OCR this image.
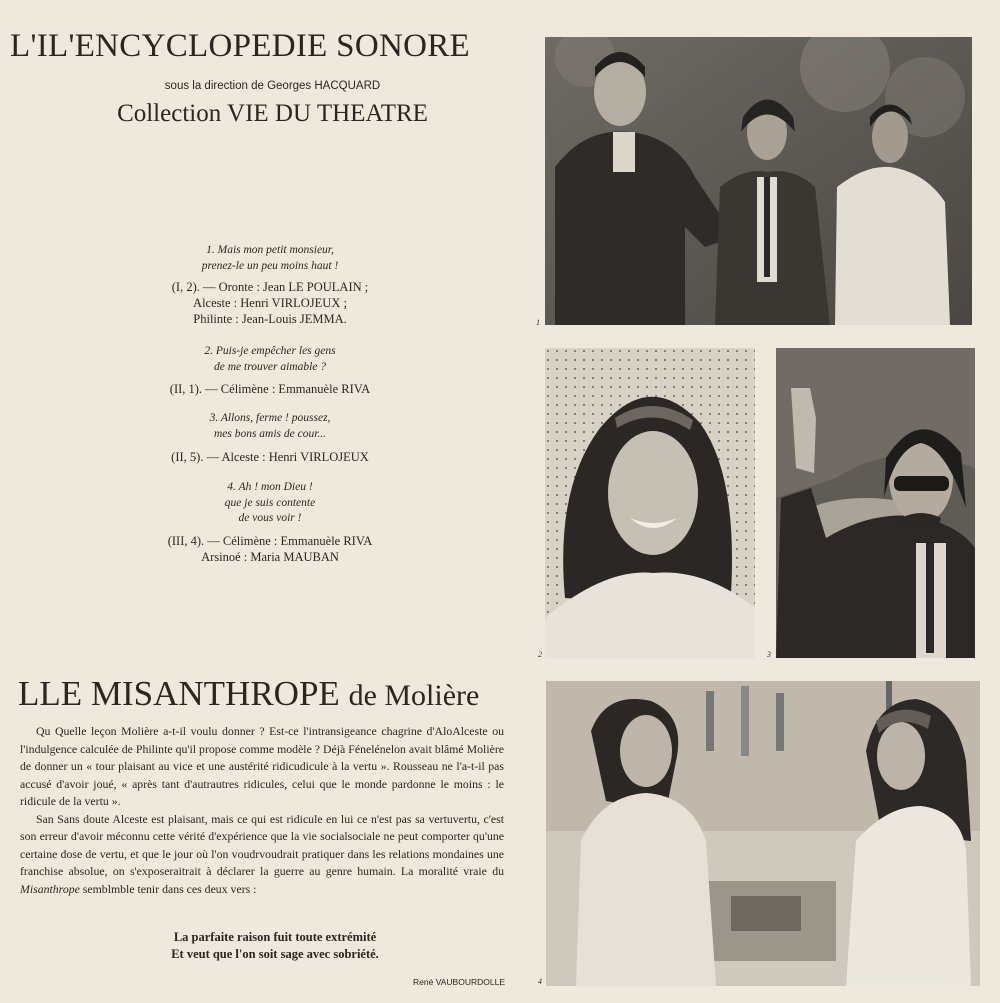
L'IL'ENCYCLOPEDIE SONORE
sous la direction de Georges HACQUARD
Collection VIE DU THEATRE
1. Mais mon petit monsieur,
prenez-le un peu moins haut !
(I, 2). — Oronte : Jean LE POULAIN ;
Alceste : Henri VIRLOJEUX ;
Philinte : Jean-Louis JEMMA.
2. Puis-je empêcher les gens
de me trouver aimable ?
(II, 1). — Célimène : Emmanuèle RIVA
3. Allons, ferme ! poussez,
mes bons amis de cour...
(II, 5). — Alceste : Henri VIRLOJEUX
4. Ah ! mon Dieu !
que je suis contente
de vous voir !
(III, 4). — Célimène : Emmanuèle RIVA
Arsinoé : Maria MAUBAN
LLE MISANTHROPE de Molière

Qu Quelle leçon Molière a-t-il voulu donner ? Est-ce l'intransigeance chagrine d'AloAlceste ou l'indulgence calculée de Philinte qu'il propose comme modèle ? Déjà Fénelénelon avait blâmé Molière de donner un « tour plaisant au vice et une austérité ridicudicule à la vertu ». Rousseau ne l'a-t-il pas accusé d'avoir joué, « après tant d'autrautres ridicules, celui que le monde pardonne le moins : le ridicule de la vertu ».

San Sans doute Alceste est plaisant, mais ce qui est ridicule en lui ce n'est pas sa vertuvertu, c'est son erreur d'avoir méconnu cette vérité d'expérience que la vie socialsociale ne peut comporter qu'une certaine dose de vertu, et que le jour où l'on voudrvoudrait pratiquer dans les relations mondaines une franchise absolue, on s'exposeraitrait à déclarer la guerre au genre humain. La moralité vraie du Misanthrope semblmble tenir dans ces deux vers :

La parfaite raison fuit toute extrémité
Et veut que l'on soit sage avec sobriété.
René VAUBOURDOLLE
1
2	3
4
